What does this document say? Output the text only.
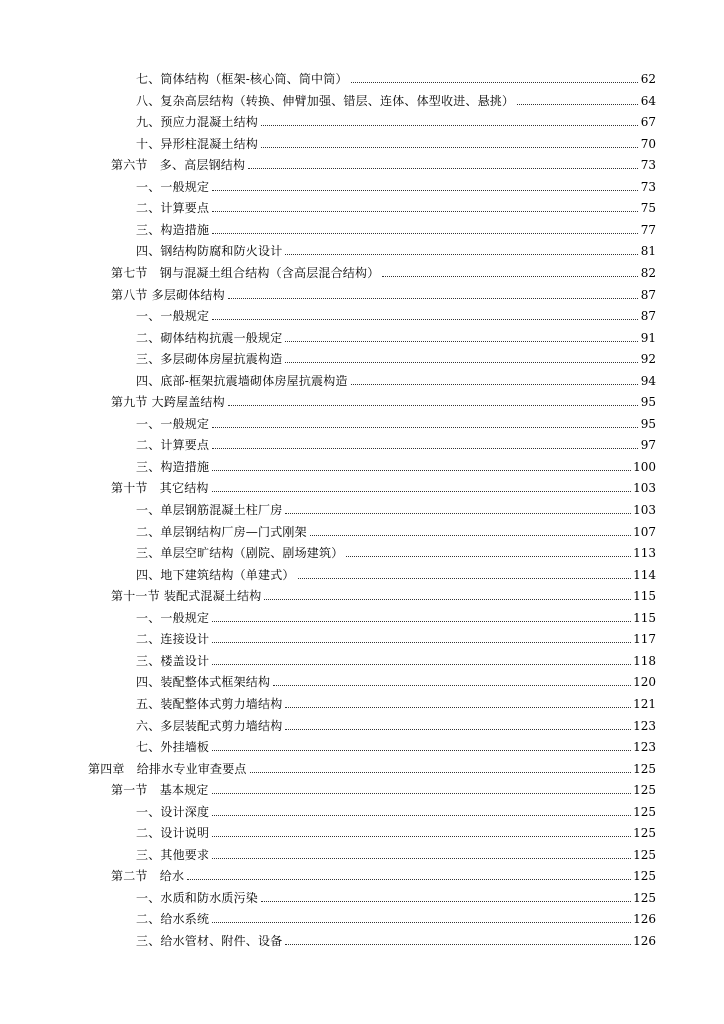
七、筒体结构（框架-核心筒、筒中筒）	62
八、复杂高层结构（转换、伸臂加强、错层、连体、体型收进、悬挑）	64
九、预应力混凝土结构	67
十、异形柱混凝土结构	70
第六节　多、高层钢结构	73
一、一般规定	73
二、计算要点	75
三、构造措施	77
四、钢结构防腐和防火设计	81
第七节　钢与混凝土组合结构（含高层混合结构）	82
第八节 多层砌体结构	87
一、一般规定	87
二、砌体结构抗震一般规定	91
三、多层砌体房屋抗震构造	92
四、底部-框架抗震墙砌体房屋抗震构造	94
第九节 大跨屋盖结构	95
一、一般规定	95
二、计算要点	97
三、构造措施	100
第十节　其它结构	103
一、单层钢筋混凝土柱厂房	103
二、单层钢结构厂房—门式刚架	107
三、单层空旷结构（剧院、剧场建筑）	113
四、地下建筑结构（单建式）	114
第十一节 装配式混凝土结构	115
一、一般规定	115
二、连接设计	117
三、楼盖设计	118
四、装配整体式框架结构	120
五、装配整体式剪力墙结构	121
六、多层装配式剪力墙结构	123
七、外挂墙板	123
第四章　给排水专业审查要点	125
第一节　基本规定	125
一、设计深度	125
二、设计说明	125
三、其他要求	125
第二节　给水	125
一、水质和防水质污染	125
二、给水系统	126
三、给水管材、附件、设备	126
